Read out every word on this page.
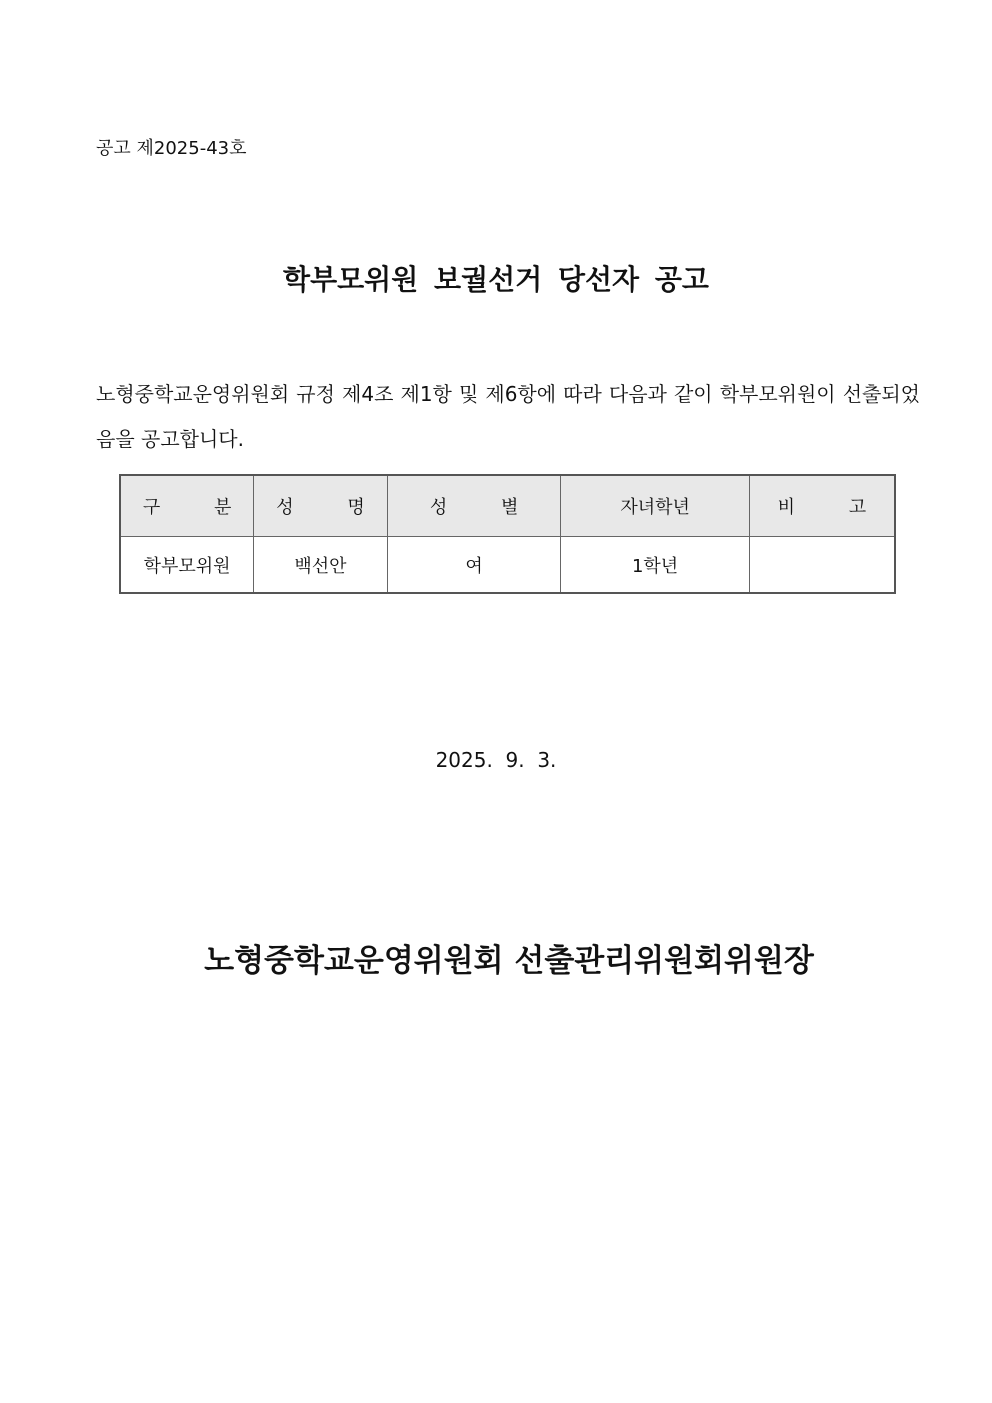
공고 제2025-43호
학부모위원 보궐선거 당선자 공고

노형중학교운영위원회 규정 제4조 제1항 및 제6항에 따라 다음과 같이 학부모위원이 선출되었음을 공고합니다.

구 분	성 명	성 별	자녀학년	비 고
학부모위원	백선안	여	1학년	
2025.  9.  3.
노형중학교운영위원회 선출관리위원회위원장
